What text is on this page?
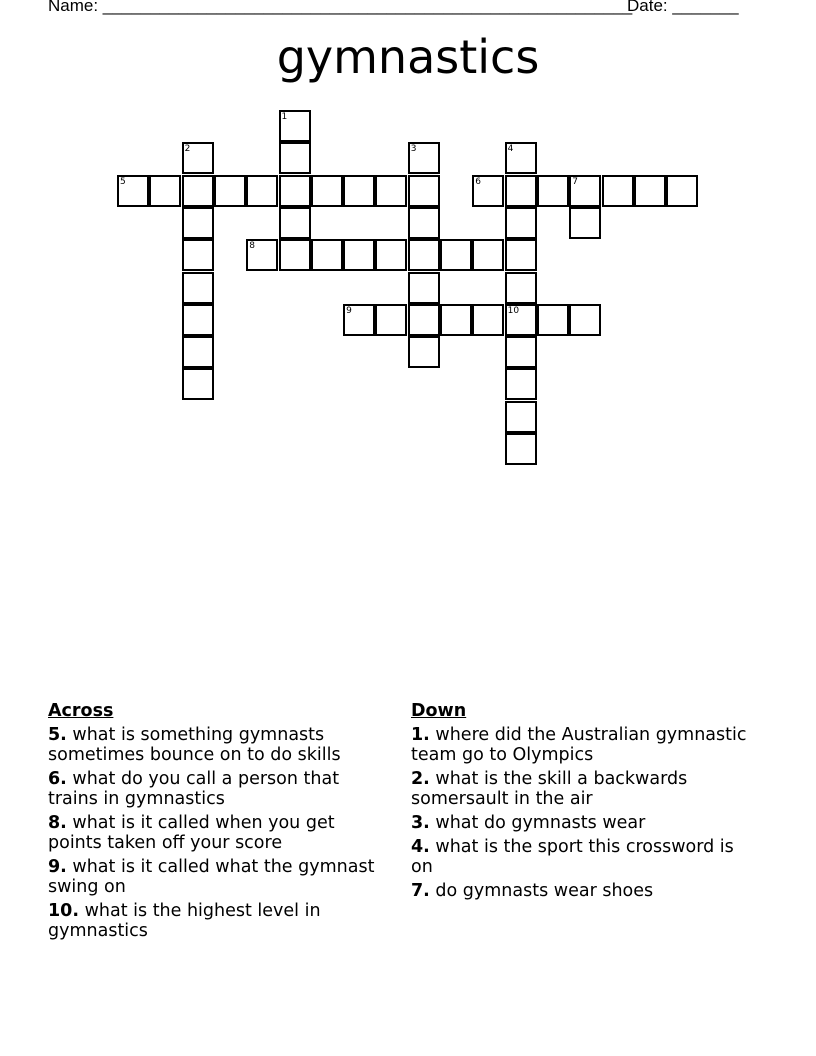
Name: ________________________________________________________
Date: _______
gymnastics
1
2	3	4
10
5	6	7
8
9
Across
5. what is something gymnasts sometimes bounce on to do skills
6. what do you call a person that trains in gymnastics
8. what is it called when you get points taken off your score
9. what is it called what the gymnast swing on
10. what is the highest level in gymnastics
Down
1. where did the Australian gymnastic team go to Olympics
2. what is the skill a backwards somersault in the air
3. what do gymnasts wear
4. what is the sport this crossword is on
7. do gymnasts wear shoes
